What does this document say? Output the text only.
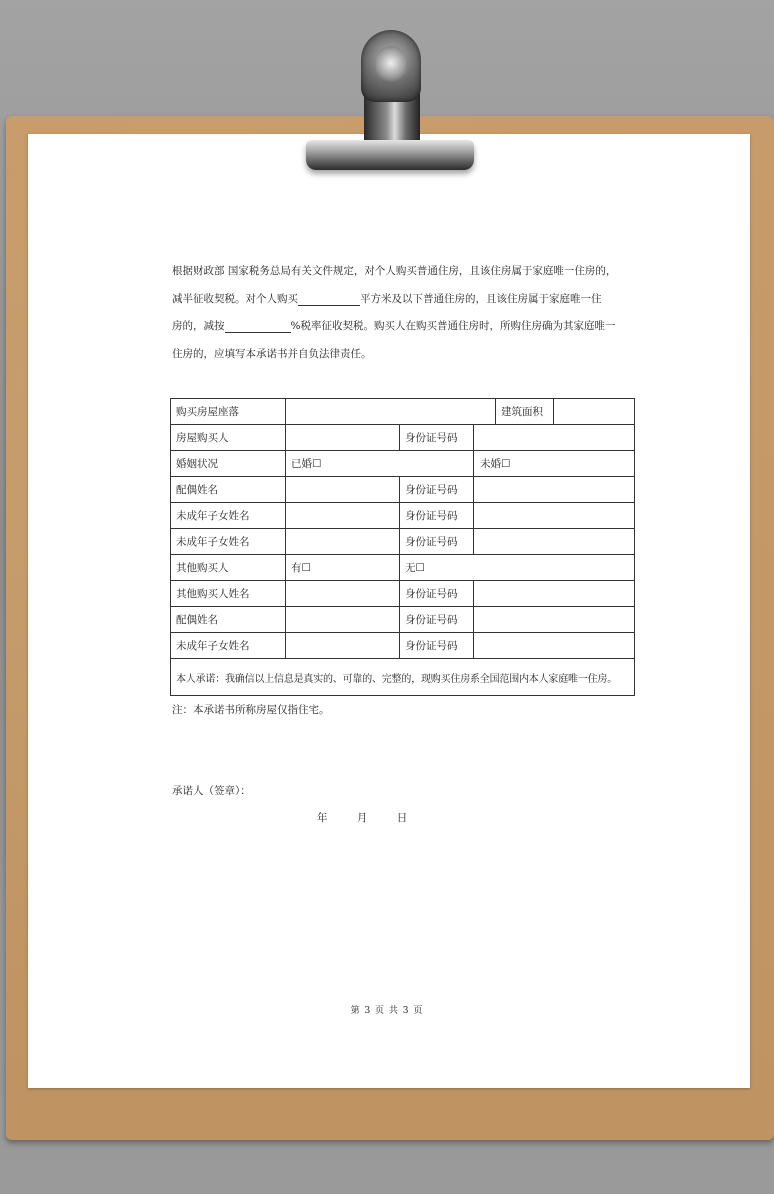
根据财政部 国家税务总局有关文件规定，对个人购买普通住房，且该住房属于家庭唯一住房的，
减半征收契税。对个人购买	平方米及以下普通住房的，且该住房属于家庭唯一住
房的，减按	%税率征收契税。购买人在购买普通住房时，所购住房确为其家庭唯一
住房的，应填写本承诺书并自负法律责任。
购买房屋座落				建筑面积	
房屋购买人		身份证号码			
婚姻状况	已婚☐		未婚☐		
配偶姓名		身份证号码			
未成年子女姓名		身份证号码			
未成年子女姓名		身份证号码			
其他购买人	有☐	无☐			
其他购买人姓名		身份证号码			
配偶姓名		身份证号码			
未成年子女姓名		身份证号码			
本人承诺：我确信以上信息是真实的、可靠的、完整的，现购买住房系全国范围内本人家庭唯一住房。					
注：本承诺书所称房屋仅指住宅。
承诺人（签章）：
年	月	日
第 3 页 共 3 页
